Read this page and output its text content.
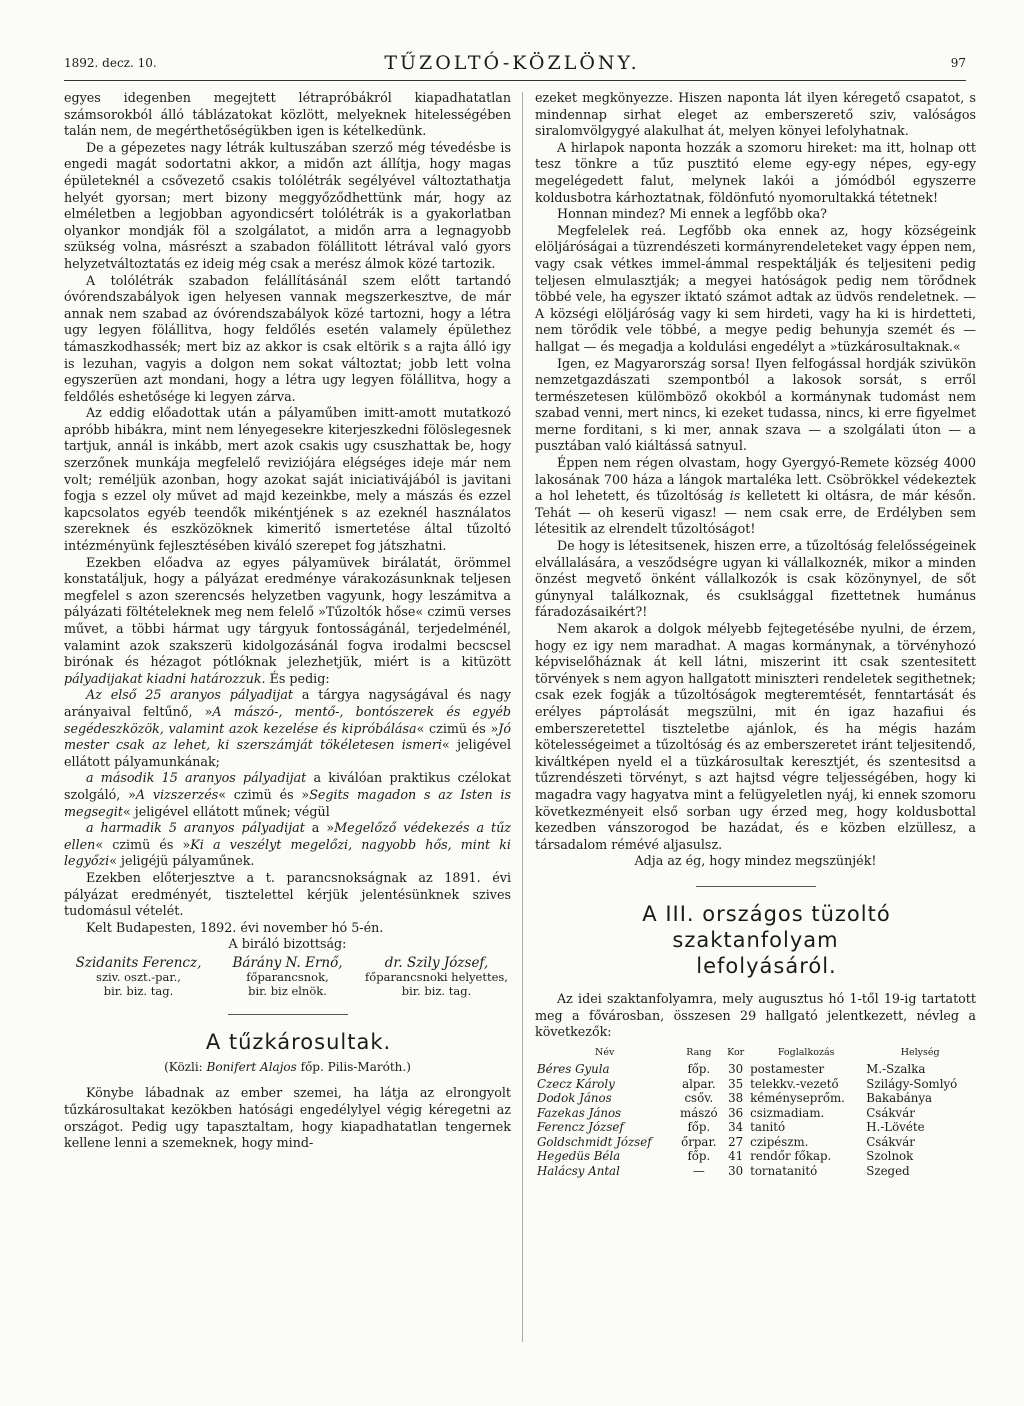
1892. decz. 10.	TŰZOLTÓ-KÖZLÖNY.	97

egyes idegenben megejtett létrapróbákról kiapadhatatlan számsorokból álló táblázatokat közlött, melyeknek hitelességében talán nem, de megérthetőségükben igen is kételkedünk.

De a gépezetes nagy létrák kultuszában szerző még tévedésbe is engedi magát sodortatni akkor, a midőn azt állítja, hogy magas épületeknél a csővezető csakis tolólétrák segélyével változtathatja helyét gyorsan; mert bizony meggyőződhettünk már, hogy az elméletben a legjobban agyondicsért tolólétrák is a gyakorlatban olyankor mondják föl a szolgálatot, a midőn arra a legnagyobb szükség volna, másrészt a szabadon fölállitott létrával való gyors helyzetváltoztatás ez ideig még csak a merész álmok közé tartozik.

A tolólétrák szabadon felállításánál szem előtt tartandó óvórendszabályok igen helyesen vannak megszerkesztve, de már annak nem szabad az óvórendszabályok közé tartozni, hogy a létra ugy legyen fölállitva, hogy feldőlés esetén valamely épülethez támaszkodhassék; mert biz az akkor is csak eltörik s a rajta álló igy is lezuhan, vagyis a dolgon nem sokat változtat; jobb lett volna egyszerüen azt mondani, hogy a létra ugy legyen fölállitva, hogy a feldőlés eshetősége ki legyen zárva.

Az eddig előadottak után a pályaműben imitt-amott mutatkozó apróbb hibákra, mint nem lényegesekre kiterjeszkedni fölöslegesnek tartjuk, annál is inkább, mert azok csakis ugy csuszhattak be, hogy szerzőnek munkája megfelelő reviziójára elégséges ideje már nem volt; reméljük azonban, hogy azokat saját iniciativájából is javitani fogja s ezzel oly művet ad majd kezeinkbe, mely a mászás és ezzel kapcsolatos egyéb teendők mikéntjének s az ezeknél használatos szereknek és eszközöknek kimeritő ismertetése által tűzoltó intézményünk fejlesztésében kiváló szerepet fog játszhatni.

Ezekben előadva az egyes pályamüvek birálatát, örömmel konstatáljuk, hogy a pályázat eredménye várakozásunknak teljesen megfelel s azon szerencsés helyzetben vagyunk, hogy leszámitva a pályázati föltételeknek meg nem felelő »Tűzoltók hőse« czimü verses művet, a többi hármat ugy tárgyuk fontosságánál, terjedelménél, valamint azok szakszerü kidolgozásánál fogva irodalmi becscsel birónak és hézagot pótlóknak jelezhetjük, miért is a kitüzött pályadijakat kiadni határozzuk. És pedig:

Az első 25 aranyos pályadijat a tárgya nagyságával és nagy arányaival feltűnő, »A mászó-, mentő-, bontószerek és egyéb segédeszközök, valamint azok kezelése és kipróbálása« czimü és »Jó mester csak az lehet, ki szerszámját tökéletesen ismeri« jeligével ellátott pályamunkának;

a második 15 aranyos pályadijat a kiválóan praktikus czélokat szolgáló, »A vizszerzés« czimü és »Segits magadon s az Isten is megsegit« jeligével ellátott műnek; végül

a harmadik 5 aranyos pályadijat a »Megelőző védekezés a tűz ellen« czimü és »Ki a veszélyt megelőzi, nagyobb hős, mint ki legyőzi« jeligéjü pályaműnek.

Ezekben előterjesztve a t. parancsnokságnak az 1891. évi pályázat eredményét, tisztelettel kérjük jelentésünknek szives tudomásul vételét.

Kelt Budapesten, 1892. évi november hó 5-én.

A biráló bizottság:

Szidanits Ferencz,
sziv. oszt.-par.,
bir. biz. tag.
Bárány N. Ernő,
főparancsnok,
bir. biz elnök.
dr. Szily József,
főparancsnoki helyettes,
bir. biz. tag.

A tűzkárosultak.

(Közli: Bonifert Alajos főp. Pilis-Maróth.)

Könybe lábadnak az ember szemei, ha látja az elrongyolt tűzkárosultakat kezökben hatósági engedélylyel végig kéregetni az országot. Pedig ugy tapasztaltam, hogy kiapadhatatlan tengernek kellene lenni a szemeknek, hogy mind-

ezeket megkönyezze. Hiszen naponta lát ilyen kéregető csapatot, s mindennap sirhat eleget az emberszerető sziv, valóságos siralomvölgygyé alakulhat át, melyen könyei lefolyhatnak.

A hirlapok naponta hozzák a szomoru hireket: ma itt, holnap ott tesz tönkre a tűz pusztitó eleme egy-egy népes, egy-egy megelégedett falut, melynek lakói a jómódból egyszerre koldusbotra kárhoztatnak, földönfutó nyomorultakká tétetnek!

Honnan mindez? Mi ennek a legfőbb oka?

Megfelelek reá. Legfőbb oka ennek az, hogy községeink elöljáróságai a tüzrendészeti kormányrendeleteket vagy éppen nem, vagy csak vétkes immel-ámmal respektálják és teljesiteni pedig teljesen elmulasztják; a megyei hatóságok pedig nem törődnek többé vele, ha egyszer iktató számot adtak az üdvös rendeletnek. — A községi elöljáróság vagy ki sem hirdeti, vagy ha ki is hirdetteti, nem törődik vele többé, a megye pedig behunyja szemét és — hallgat — és megadja a koldulási engedélyt a »tüzkárosultaknak.«

Igen, ez Magyarország sorsa! Ilyen felfogással hordják szivükön nemzetgazdászati szempontból a lakosok sorsát, s erről természetesen külömböző okokból a kormánynak tudomást nem szabad venni, mert nincs, ki ezeket tudassa, nincs, ki erre figyelmet merne forditani, s ki mer, annak szava — a szolgálati úton — a pusztában való kiáltássá satnyul.

Éppen nem régen olvastam, hogy Gyergyó-Remete község 4000 lakosának 700 háza a lángok martaléka lett. Csöbrökkel védekeztek a hol lehetett, és tűzoltóság is kelletett ki oltásra, de már későn. Tehát — oh keserü vigasz! — nem csak erre, de Erdélyben sem létesitik az elrendelt tűzoltóságot!

De hogy is létesitsenek, hiszen erre, a tűzoltóság felelősségeinek elvállalására, a vesződségre ugyan ki vállalkoznék, mikor a minden önzést megvető önként vállalkozók is csak közönynyel, de sőt gúnynyal találkoznak, és csuklsággal fizettetnek humánus fáradozásaikért?!

Nem akarok a dolgok mélyebb fejtegetésébe nyulni, de érzem, hogy ez igy nem maradhat. A magas kormánynak, a törvényhozó képviselőháznak át kell látni, miszerint itt csak szentesitett törvények s nem agyon hallgatott miniszteri rendeletek segithetnek; csak ezek fogják a tűzoltóságok megteremtését, fenntartását és erélyes páртolását megszülni, mit én igaz hazafiui és emberszeretettel tiszteletbe ajánlok, és ha mégis hazám kötelességeimet a tűzoltóság és az emberszeretet iránt teljesitendő, kiváltképen nyeld el a tüzkárosultak keresztjét, és szentesitsd a tűzrendészeti törvényt, s azt hajtsd végre teljességében, hogy ki magadra vagy hagyatva mint a felügyeletlen nyáj, ki ennek szomoru következményeit első sorban ugy érzed meg, hogy koldusbottal kezedben vánszorogod be hazádat, és e közben elzüllesz, a társadalom rémévé aljasulsz.

Adja az ég, hogy mindez megszünjék!

A III. országos tüzoltó szaktanfolyam

lefolyásáról.

Az idei szaktanfolyamra, mely augusztus hó 1-től 19-ig tartatott meg a fővárosban, összesen 29 hallgató jelentkezett, névleg a következők:

Név	Rang	Kor	Foglalkozás	Helység
Béres Gyula	főp.	30	postamester	M.-Szalka
Czecz Károly	alpar.	35	telekkv.-vezető	Szilágy-Somlyó
Dodok János	csőv.	38	kéményseprőm.	Bakabánya
Fazekas János	mászó	36	csizmadiam.	Csákvár
Ferencz József	főp.	34	tanitó	H.-Lövéte
Goldschmidt József	őrpar.	27	czipészm.	Csákvár
Hegedüs Béla	főp.	41	rendőr főkap.	Szolnok
Halácsy Antal	—	30	tornatanitó	Szeged
